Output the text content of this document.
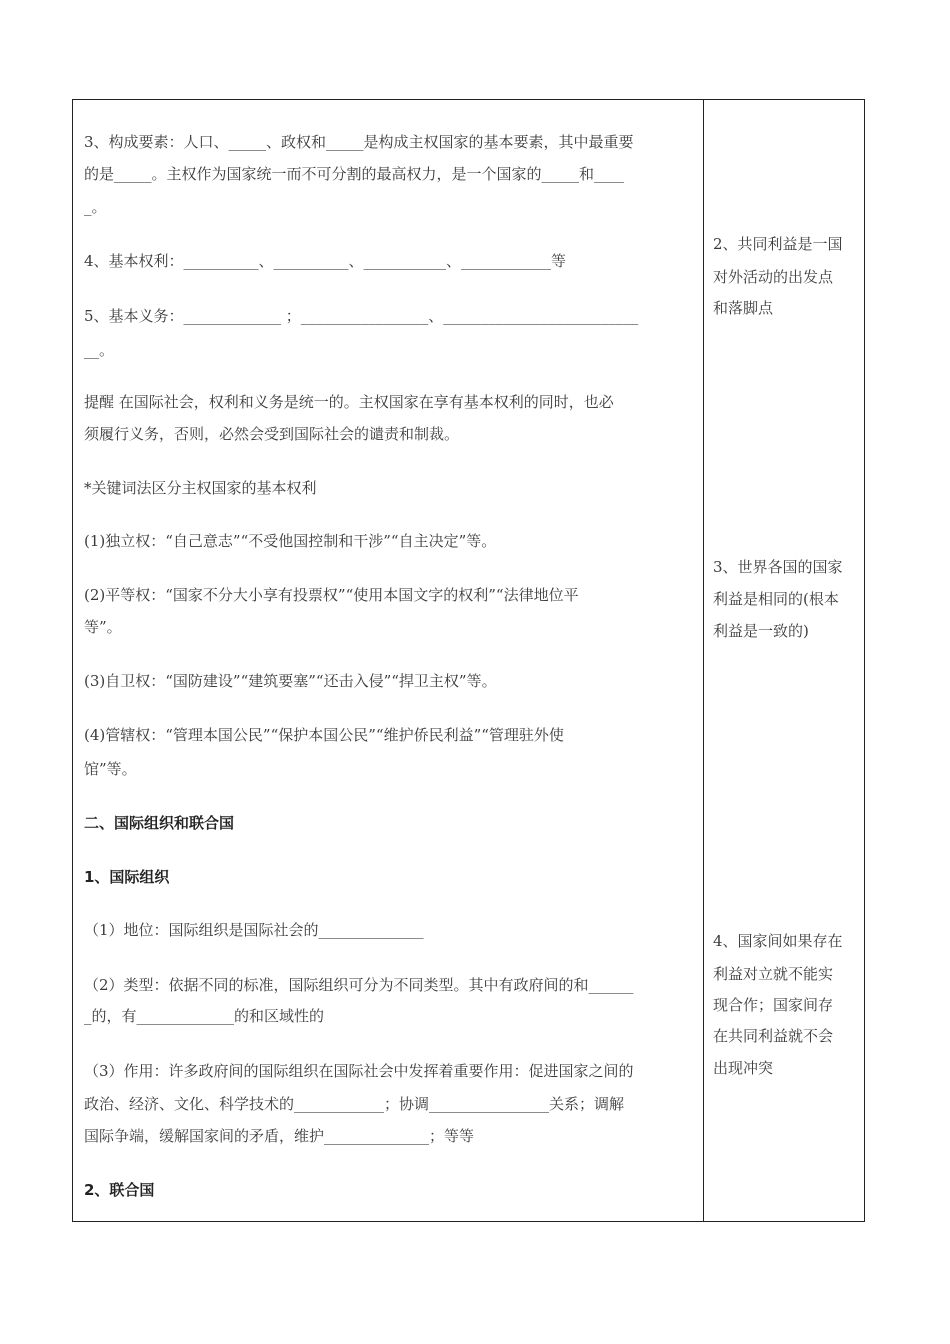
3、构成要素：人口、_____、政权和_____是构成主权国家的基本要素，其中最重要
的是_____。主权作为国家统一而不可分割的最高权力，是一个国家的_____和____
_。
4、基本权利：__________、__________、___________、____________等
5、基本义务：_____________ ；_________________、__________________________
__。
提醒 在国际社会，权利和义务是统一的。主权国家在享有基本权利的同时，也必
须履行义务，否则，必然会受到国际社会的谴责和制裁。
*关键词法区分主权国家的基本权利
(1)独立权：“自己意志”“不受他国控制和干涉”“自主决定”等。
(2)平等权：“国家不分大小享有投票权”“使用本国文字的权利”“法律地位平
等”。
(3)自卫权：“国防建设”“建筑要塞”“还击入侵”“捍卫主权”等。
(4)管辖权：“管理本国公民”“保护本国公民”“维护侨民利益”“管理驻外使
馆”等。
二、国际组织和联合国
1、国际组织
（1）地位：国际组织是国际社会的______________
（2）类型：依据不同的标准，国际组织可分为不同类型。其中有政府间的和______
_的，有_____________的和区域性的
（3）作用：许多政府间的国际组织在国际社会中发挥着重要作用：促进国家之间的
政治、经济、文化、科学技术的____________；协调________________关系；调解
国际争端，缓解国家间的矛盾，维护______________；等等
2、联合国
2、共同利益是一国
对外活动的出发点
和落脚点
3、世界各国的国家
利益是相同的(根本
利益是一致的)
4、国家间如果存在
利益对立就不能实
现合作；国家间存
在共同利益就不会
出现冲突
